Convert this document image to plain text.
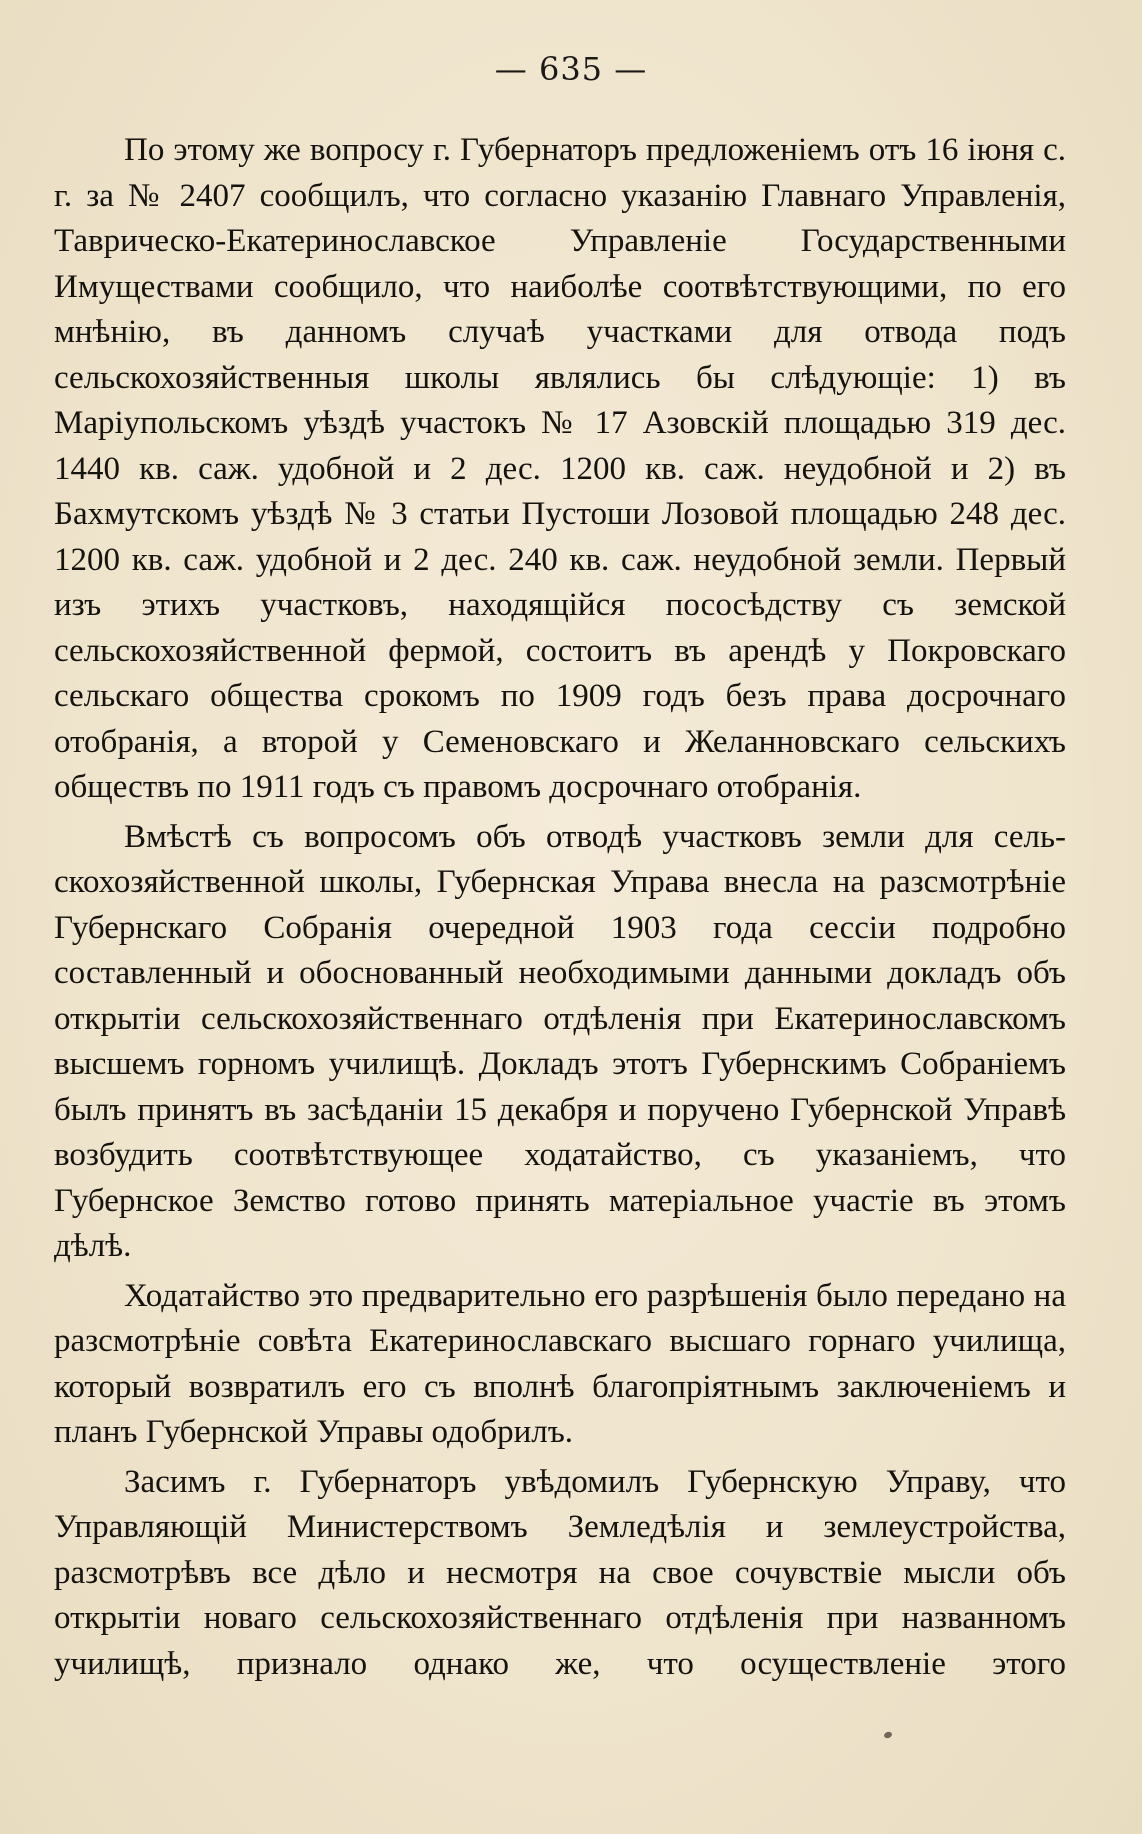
— 635 —

По этому же вопросу г. Губернаторъ предложеніемъ отъ 16 іюня с. г. за № 2407 сообщилъ, что согласно указанію Главнаго Управленія, Таврическо-Екатеринославское Управленіе Государственными Имуществами сообщило, что наиболѣе соотвѣтствующими, по его мнѣнію, въ данномъ случаѣ участками для отвода подъ сельскохозяйственныя школы являлись бы слѣдующіе: 1) въ Маріупольскомъ уѣздѣ участокъ № 17 Азовскій площадью 319 дес. 1440 кв. саж. удобной и 2 дес. 1200 кв. саж. неудобной и 2) въ Бахмутскомъ уѣздѣ № 3 статьи Пустоши Лозовой площадью 248 дес. 1200 кв. саж. удобной и 2 дес. 240 кв. саж. неудобной земли. Первый изъ этихъ участковъ, находящійся пососѣдству съ земской сельскохозяйственной фермой, состоитъ въ арендѣ у Покровскаго сельскаго общества срокомъ по 1909 годъ безъ права досрочнаго отобранія, а второй у Семеновскаго и Желанновскаго сельскихъ обществъ по 1911 годъ съ правомъ досрочнаго отобранія.

Вмѣстѣ съ вопросомъ объ отводѣ участковъ земли для сельскохозяйственной школы, Губернская Управа внесла на разсмотрѣніе Губернскаго Собранія очередной 1903 года сессіи подробно составленный и обоснованный необходимыми данными докладъ объ открытіи сельскохозяйственнаго отдѣленія при Екатеринославскомъ высшемъ горномъ училищѣ. Докладъ этотъ Губернскимъ Собраніемъ былъ принятъ въ засѣданіи 15 декабря и поручено Губернской Управѣ возбудить соотвѣтствующее ходатайство, съ указаніемъ, что Губернское Земство готово принять матеріальное участіе въ этомъ дѣлѣ.

Ходатайство это предварительно его разрѣшенія было передано на разсмотрѣніе совѣта Екатеринославскаго высшаго горнаго училища, который возвратилъ его съ вполнѣ благопріятнымъ заключеніемъ и планъ Губернской Управы одобрилъ.

Засимъ г. Губернаторъ увѣдомилъ Губернскую Управу, что Управляющій Министерствомъ Земледѣлія и землеустройства, разсмотрѣвъ все дѣло и несмотря на свое сочувствіе мысли объ открытіи новаго сельскохозяйственнаго отдѣленія при названномъ училищѣ, признало однако же, что осуществленіе этого
